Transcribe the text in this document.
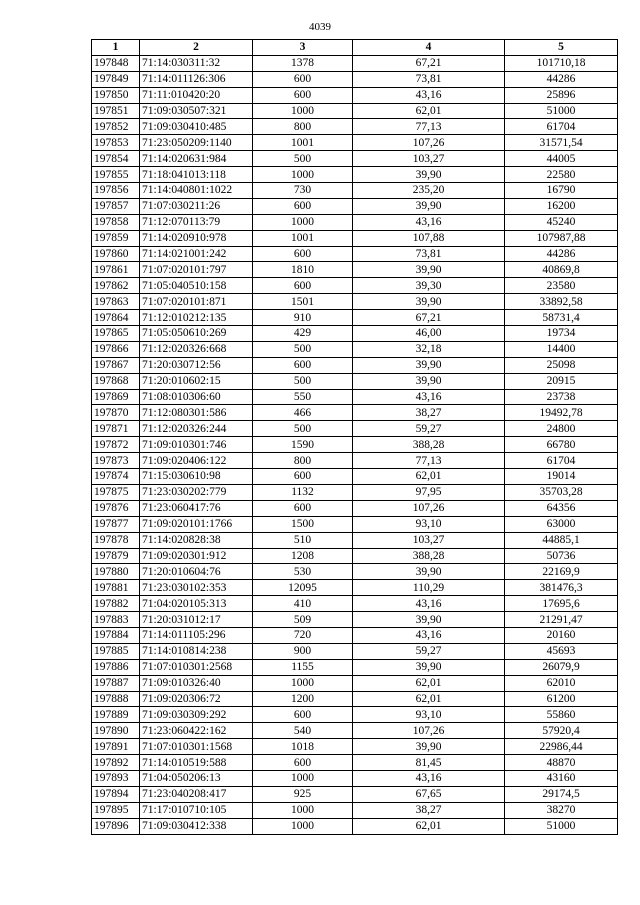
4039
1	2	3	4	5
197848	71:14:030311:32	1378	67,21	101710,18
197849	71:14:011126:306	600	73,81	44286
197850	71:11:010420:20	600	43,16	25896
197851	71:09:030507:321	1000	62,01	51000
197852	71:09:030410:485	800	77,13	61704
197853	71:23:050209:1140	1001	107,26	31571,54
197854	71:14:020631:984	500	103,27	44005
197855	71:18:041013:118	1000	39,90	22580
197856	71:14:040801:1022	730	235,20	16790
197857	71:07:030211:26	600	39,90	16200
197858	71:12:070113:79	1000	43,16	45240
197859	71:14:020910:978	1001	107,88	107987,88
197860	71:14:021001:242	600	73,81	44286
197861	71:07:020101:797	1810	39,90	40869,8
197862	71:05:040510:158	600	39,30	23580
197863	71:07:020101:871	1501	39,90	33892,58
197864	71:12:010212:135	910	67,21	58731,4
197865	71:05:050610:269	429	46,00	19734
197866	71:12:020326:668	500	32,18	14400
197867	71:20:030712:56	600	39,90	25098
197868	71:20:010602:15	500	39,90	20915
197869	71:08:010306:60	550	43,16	23738
197870	71:12:080301:586	466	38,27	19492,78
197871	71:12:020326:244	500	59,27	24800
197872	71:09:010301:746	1590	388,28	66780
197873	71:09:020406:122	800	77,13	61704
197874	71:15:030610:98	600	62,01	19014
197875	71:23:030202:779	1132	97,95	35703,28
197876	71:23:060417:76	600	107,26	64356
197877	71:09:020101:1766	1500	93,10	63000
197878	71:14:020828:38	510	103,27	44885,1
197879	71:09:020301:912	1208	388,28	50736
197880	71:20:010604:76	530	39,90	22169,9
197881	71:23:030102:353	12095	110,29	381476,3
197882	71:04:020105:313	410	43,16	17695,6
197883	71:20:031012:17	509	39,90	21291,47
197884	71:14:011105:296	720	43,16	20160
197885	71:14:010814:238	900	59,27	45693
197886	71:07:010301:2568	1155	39,90	26079,9
197887	71:09:010326:40	1000	62,01	62010
197888	71:09:020306:72	1200	62,01	61200
197889	71:09:030309:292	600	93,10	55860
197890	71:23:060422:162	540	107,26	57920,4
197891	71:07:010301:1568	1018	39,90	22986,44
197892	71:14:010519:588	600	81,45	48870
197893	71:04:050206:13	1000	43,16	43160
197894	71:23:040208:417	925	67,65	29174,5
197895	71:17:010710:105	1000	38,27	38270
197896	71:09:030412:338	1000	62,01	51000
